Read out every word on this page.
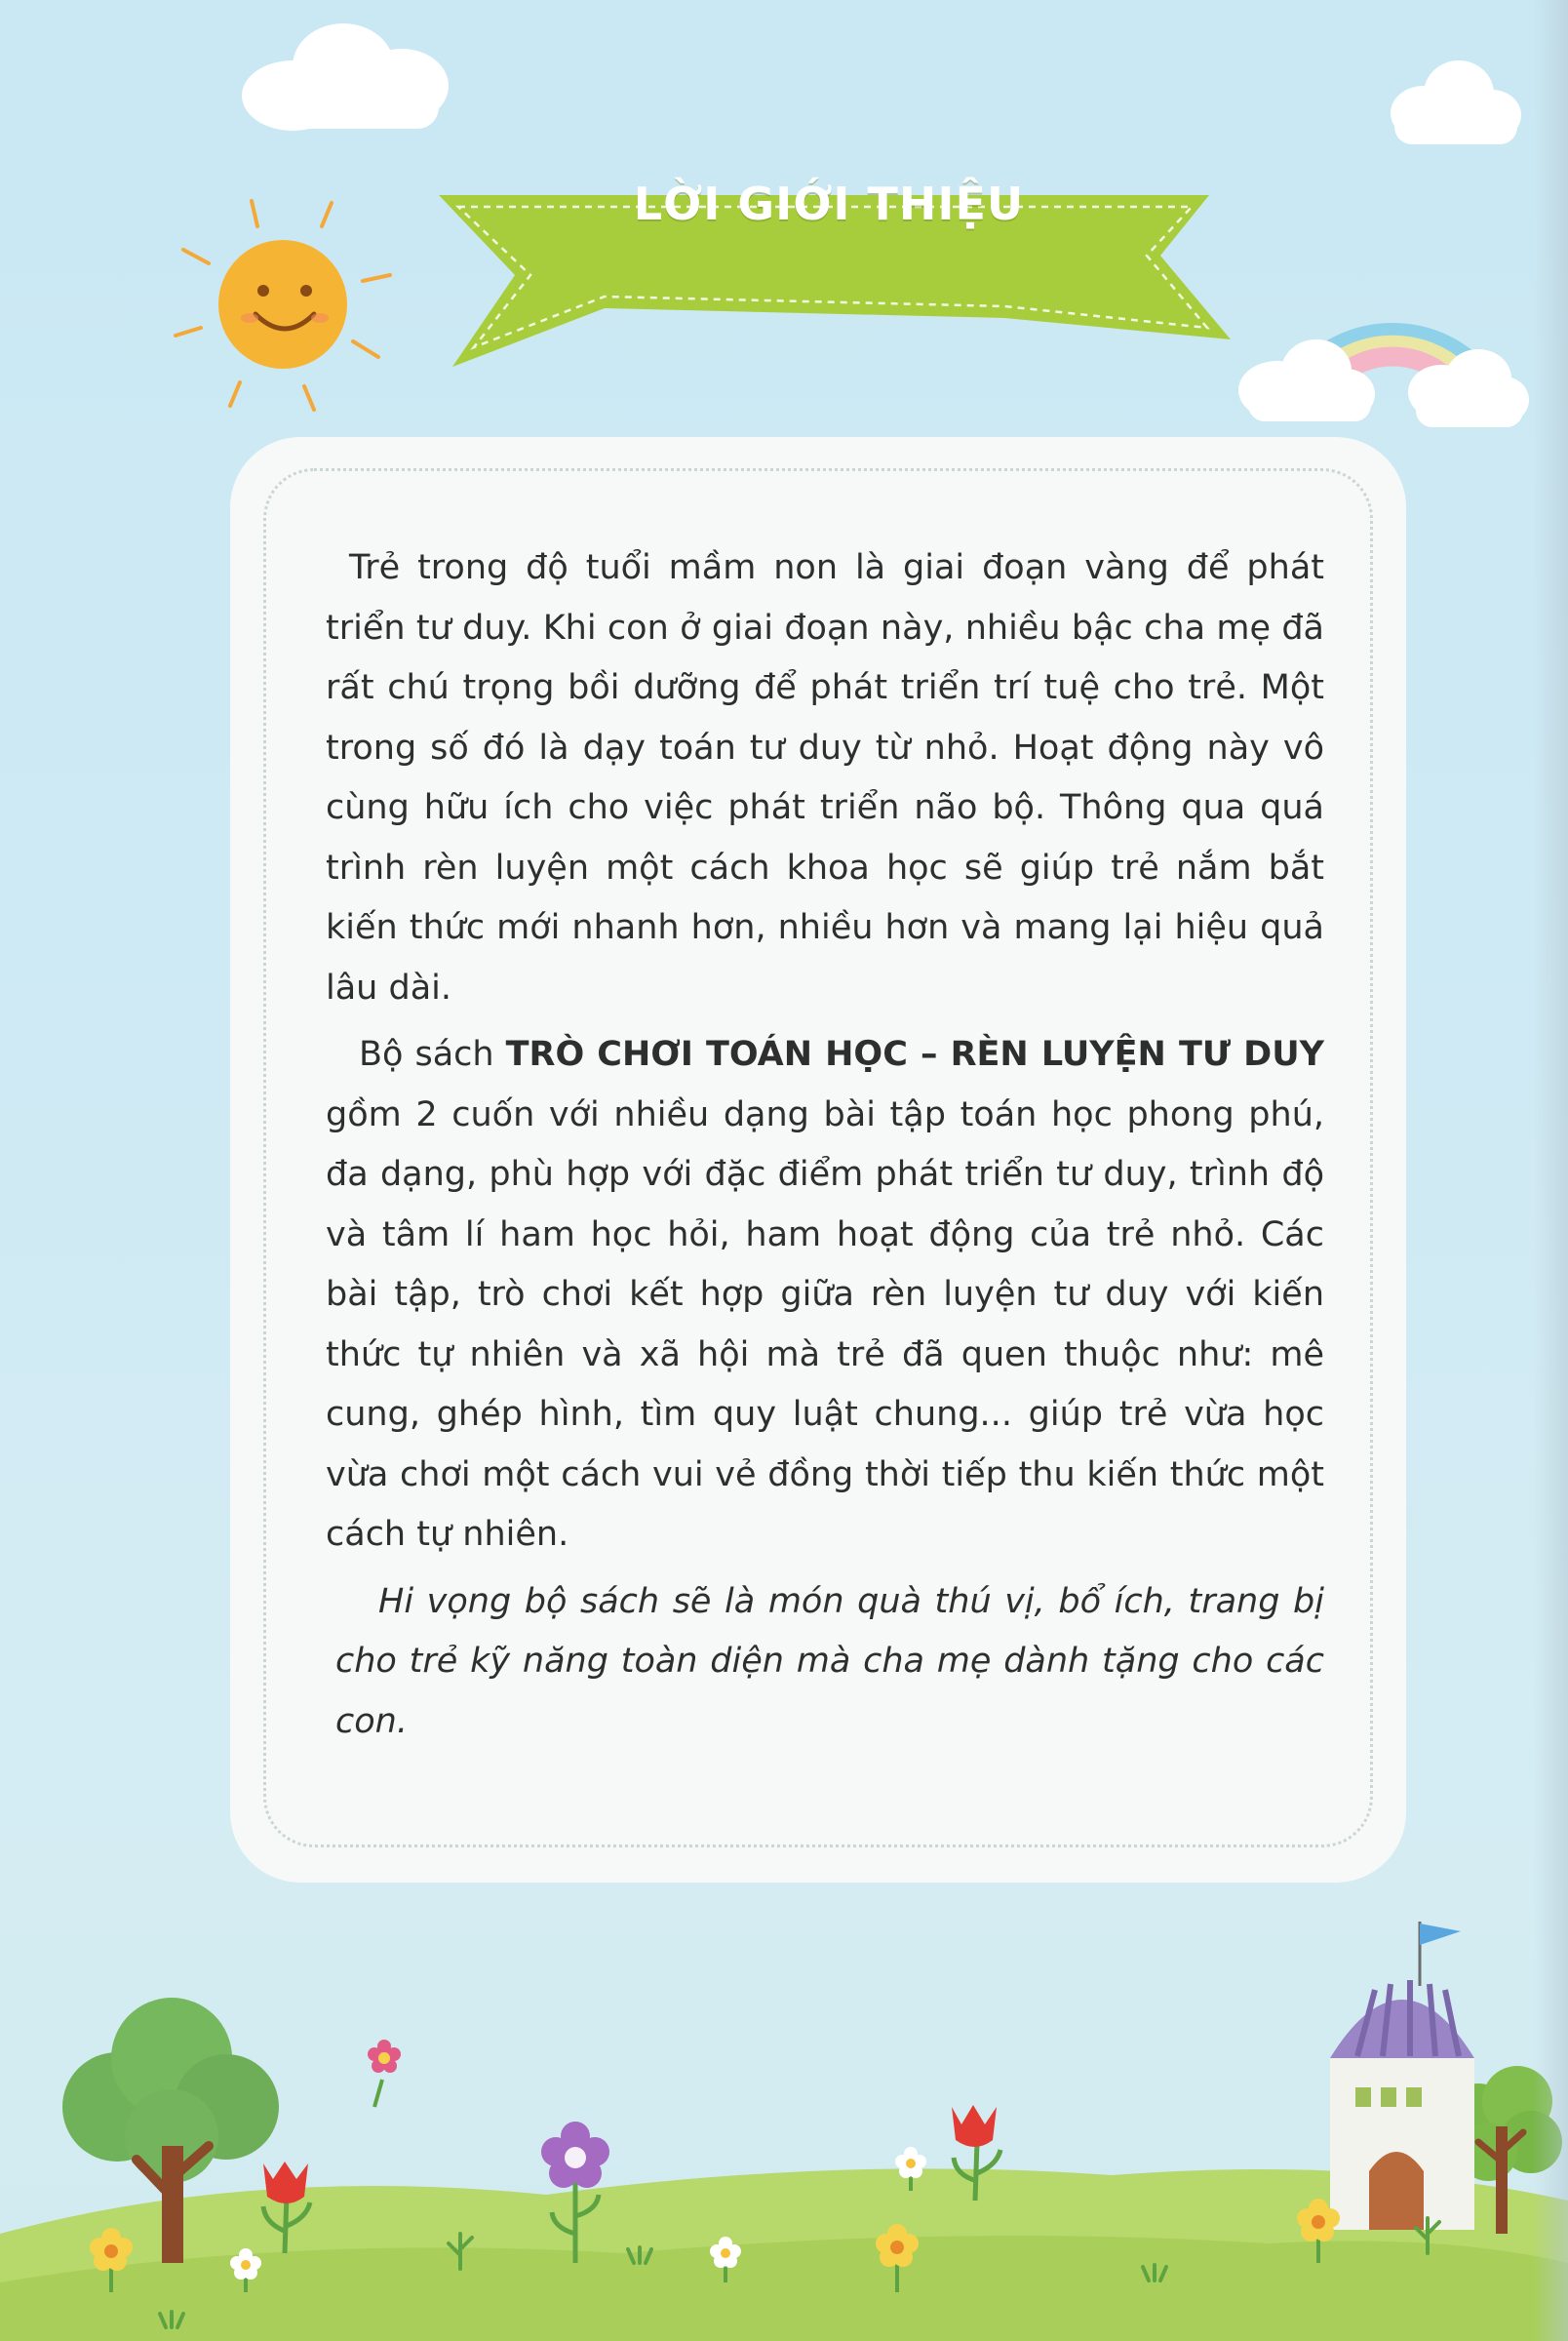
LỜI GIỚI THIỆU

Trẻ trong độ tuổi mầm non là giai đoạn vàng để phát triển tư duy. Khi con ở giai đoạn này, nhiều bậc cha mẹ đã rất chú trọng bồi dưỡng để phát triển trí tuệ cho trẻ. Một trong số đó là dạy toán tư duy từ nhỏ. Hoạt động này vô cùng hữu ích cho việc phát triển não bộ. Thông qua quá trình rèn luyện một cách khoa học sẽ giúp trẻ nắm bắt kiến thức mới nhanh hơn, nhiều hơn và mang lại hiệu quả lâu dài.

Bộ sách TRÒ CHƠI TOÁN HỌC – RÈN LUYỆN TƯ DUY gồm 2 cuốn với nhiều dạng bài tập toán học phong phú, đa dạng, phù hợp với đặc điểm phát triển tư duy, trình độ và tâm lí ham học hỏi, ham hoạt động của trẻ nhỏ. Các bài tập, trò chơi kết hợp giữa rèn luyện tư duy với kiến thức tự nhiên và xã hội mà trẻ đã quen thuộc như: mê cung, ghép hình, tìm quy luật chung... giúp trẻ vừa học vừa chơi một cách vui vẻ đồng thời tiếp thu kiến thức một cách tự nhiên.

Hi vọng bộ sách sẽ là món quà thú vị, bổ ích, trang bị cho trẻ kỹ năng toàn diện mà cha mẹ dành tặng cho các con.
